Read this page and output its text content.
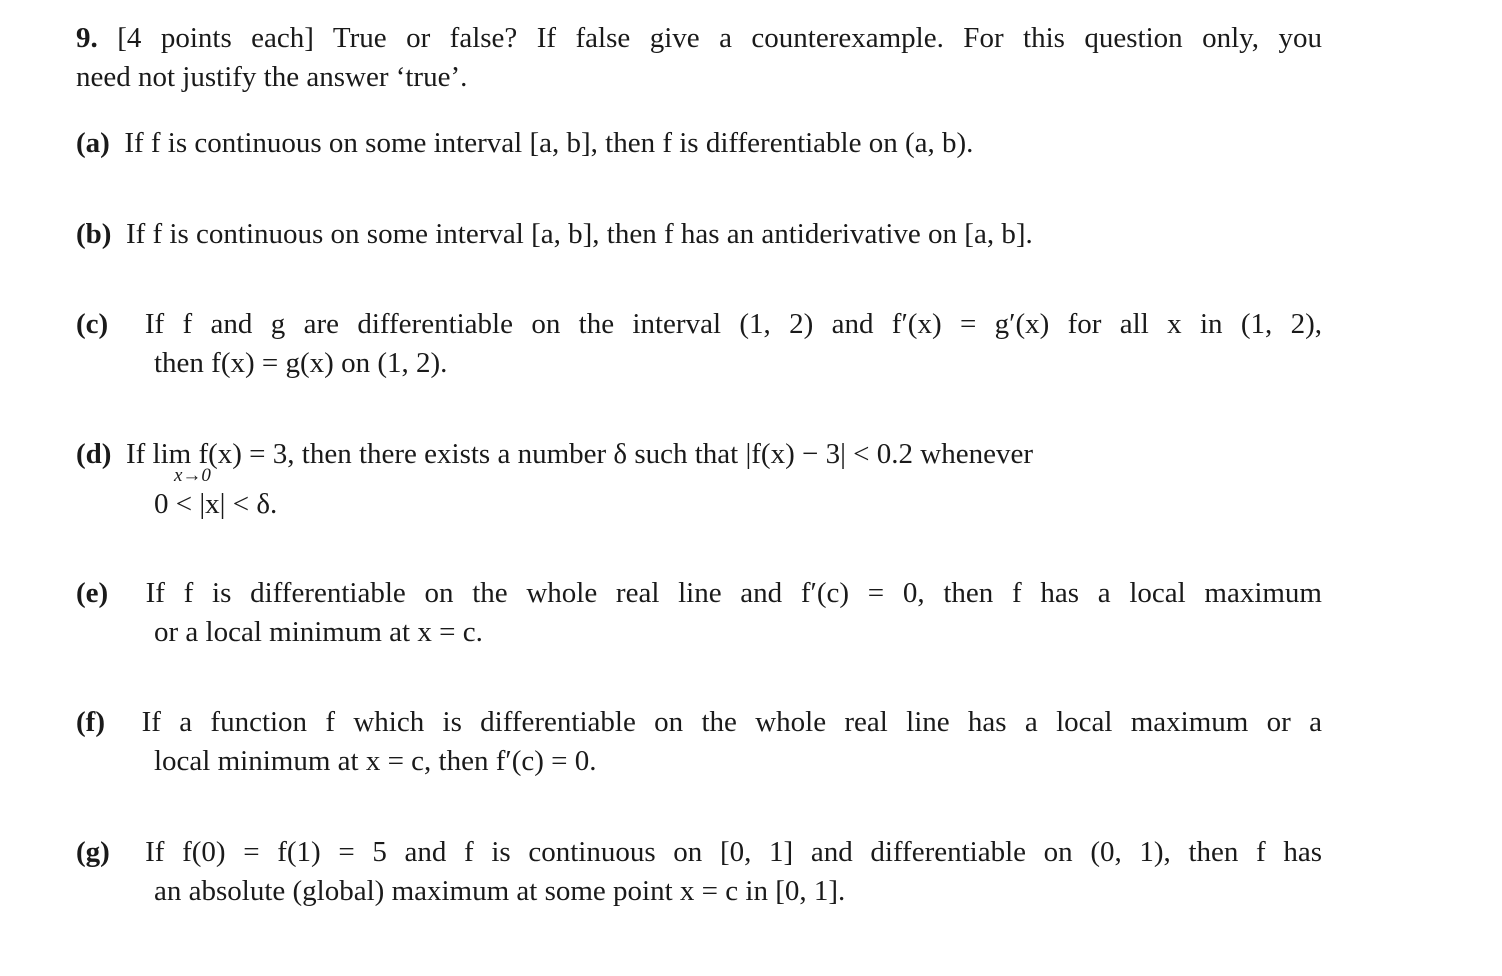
9. [4 points each] True or false? If false give a counterexample. For this question only, you
need not justify the answer ‘true’.
(a) If f is continuous on some interval [a, b], then f is differentiable on (a, b).
(b) If f is continuous on some interval [a, b], then f has an antiderivative on [a, b].
(c) If f and g are differentiable on the interval (1, 2) and f′(x) = g′(x) for all x in (1, 2),
then f(x) = g(x) on (1, 2).
(d) If lim f(x) = 3, then there exists a number δ such that |f(x) − 3| < 0.2 whenever
x→0
0 < |x| < δ.
(e) If f is differentiable on the whole real line and f′(c) = 0, then f has a local maximum
or a local minimum at x = c.
(f) If a function f which is differentiable on the whole real line has a local maximum or a
local minimum at x = c, then f′(c) = 0.
(g) If f(0) = f(1) = 5 and f is continuous on [0, 1] and differentiable on (0, 1), then f has
an absolute (global) maximum at some point x = c in [0, 1].
